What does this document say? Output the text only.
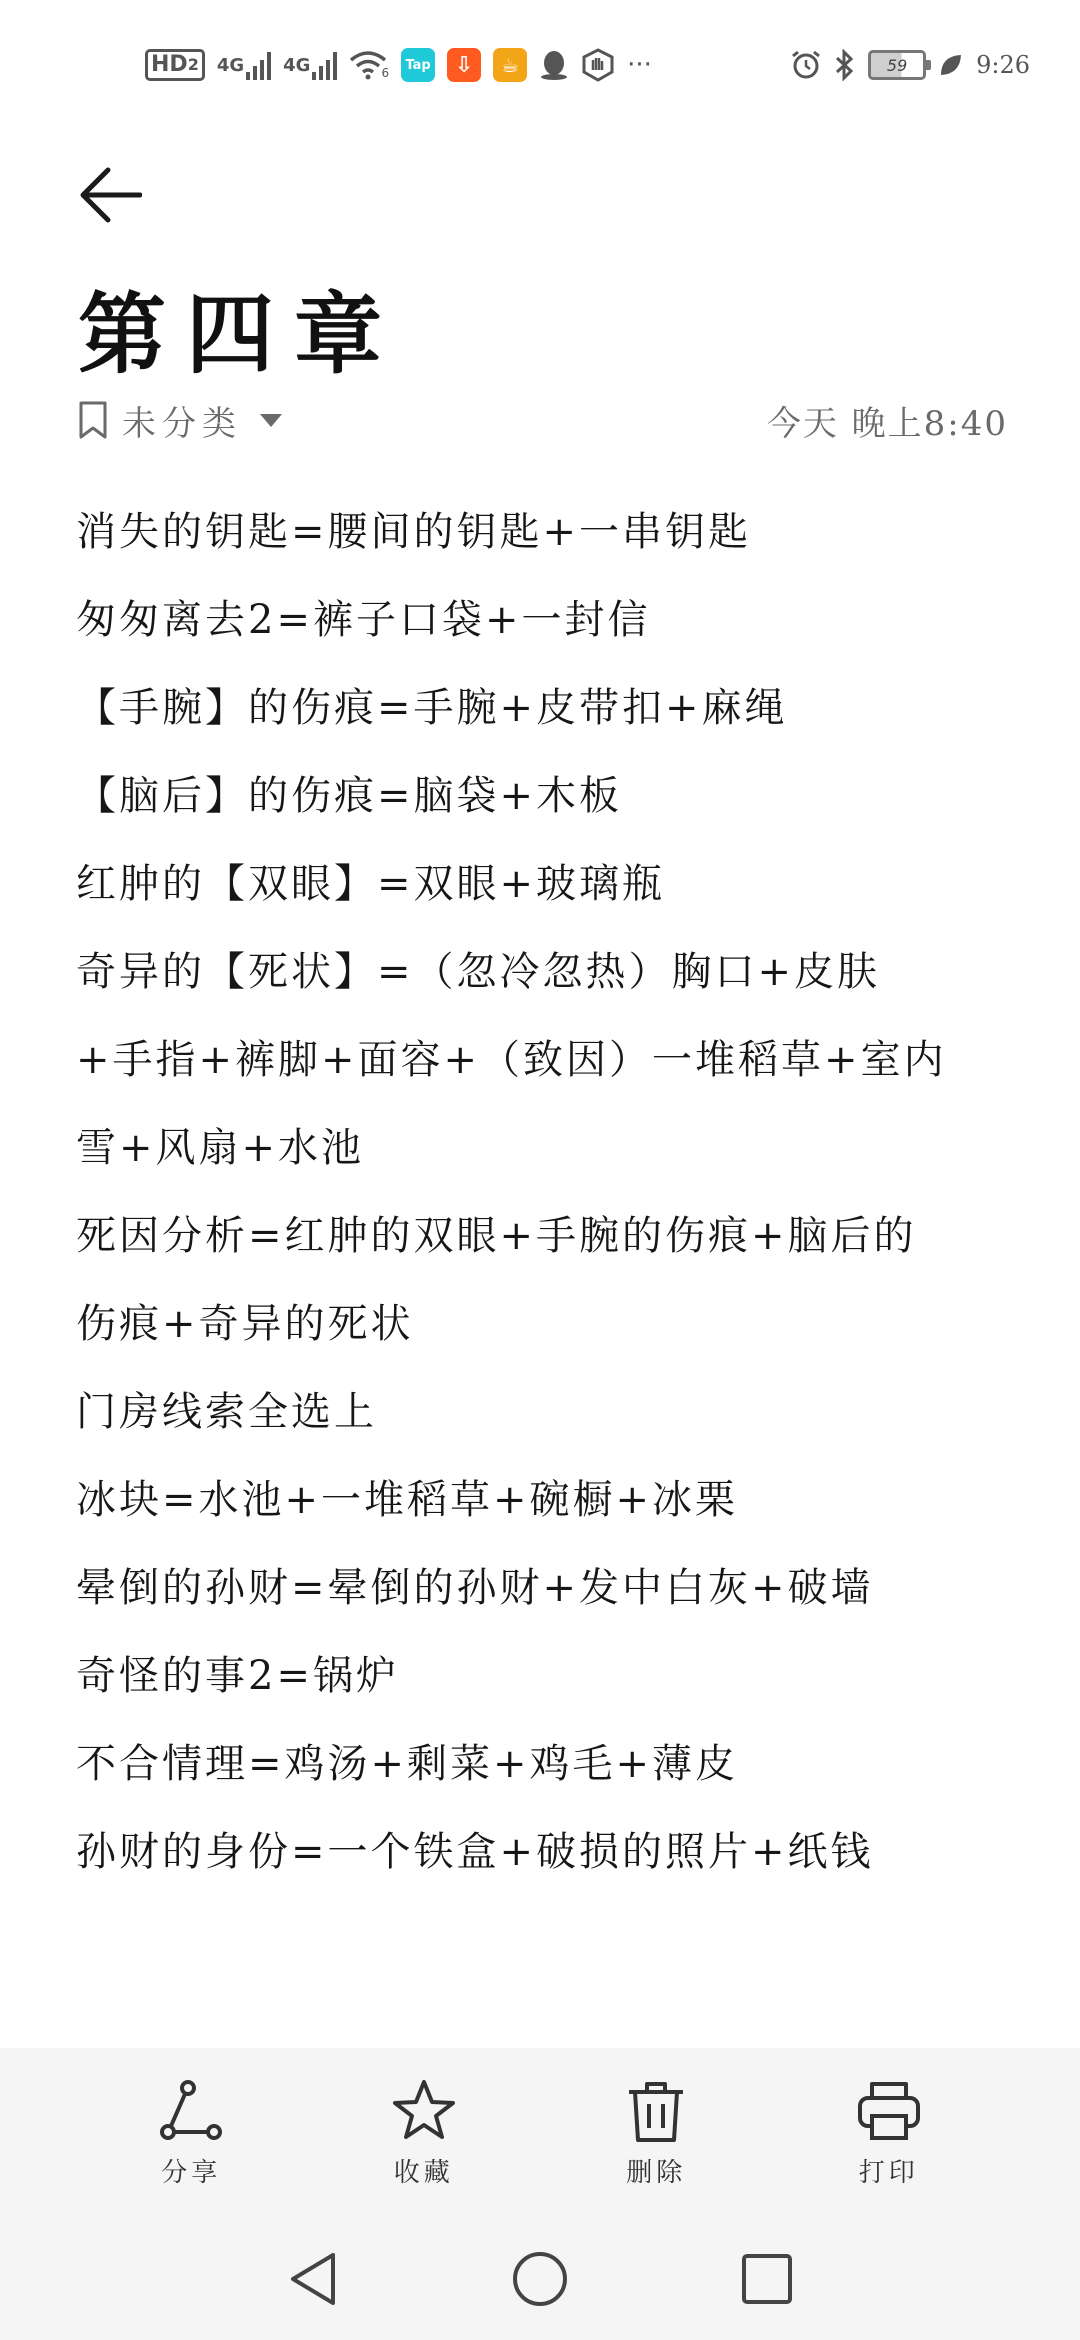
HD 2 4G 4G	6
Tap	⇩	☕	···	59	9:26
第四章
未分类	今天 晚上8:40
消失的钥匙=腰间的钥匙+一串钥匙
匆匆离去2=裤子口袋+一封信
【手腕】的伤痕=手腕+皮带扣+麻绳
【脑后】的伤痕=脑袋+木板
红肿的【双眼】=双眼+玻璃瓶
奇异的【死状】=（忽冷忽热）胸口+皮肤
+手指+裤脚+面容+（致因）一堆稻草+室内
雪+风扇+水池
死因分析=红肿的双眼+手腕的伤痕+脑后的
伤痕+奇异的死状
门房线索全选上
冰块=水池+一堆稻草+碗橱+冰栗
晕倒的孙财=晕倒的孙财+发中白灰+破墙
奇怪的事2=锅炉
不合情理=鸡汤+剩菜+鸡毛+薄皮
孙财的身份=一个铁盒+破损的照片+纸钱
分享	收藏	删除	打印
